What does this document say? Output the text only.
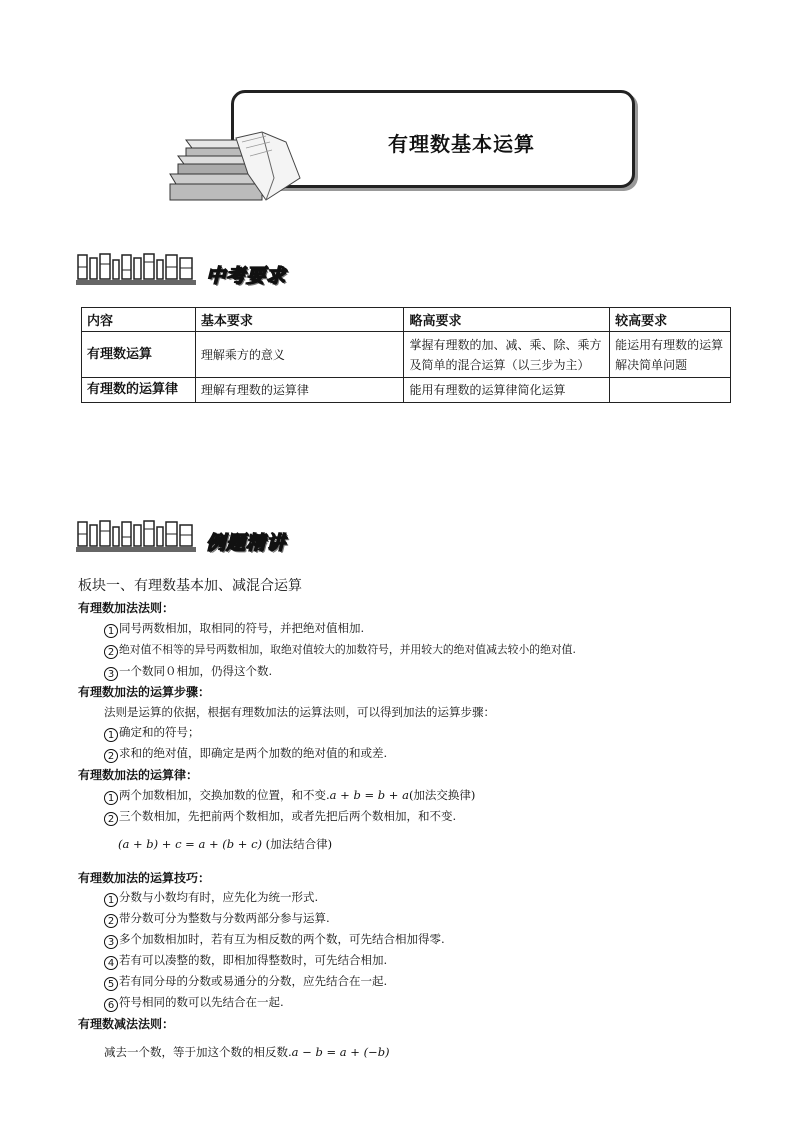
有理数基本运算
中考要求
内容	基本要求	略高要求	较高要求
有理数运算	理解乘方的意义	掌握有理数的加、减、乘、除、乘方及简单的混合运算（以三步为主）	能运用有理数的运算解决简单问题
有理数的运算律	理解有理数的运算律	能用有理数的运算律简化运算	
例题精讲
板块一、有理数基本加、减混合运算
有理数加法法则：
1 同号两数相加，取相同的符号，并把绝对值相加.
2 绝对值不相等的异号两数相加，取绝对值较大的加数符号，并用较大的绝对值减去较小的绝对值.
3 一个数同０相加，仍得这个数.
有理数加法的运算步骤：
法则是运算的依据，根据有理数加法的运算法则，可以得到加法的运算步骤：
1 确定和的符号；
2 求和的绝对值，即确定是两个加数的绝对值的和或差.
有理数加法的运算律：
1 两个加数相加，交换加数的位置，和不变.a + b = b + a(加法交换律)
2 三个数相加，先把前两个数相加，或者先把后两个数相加，和不变.
(a + b) + c = a + (b + c) (加法结合律)
有理数加法的运算技巧：
1 分数与小数均有时，应先化为统一形式.
2 带分数可分为整数与分数两部分参与运算.
3 多个加数相加时，若有互为相反数的两个数，可先结合相加得零.
4 若有可以凑整的数，即相加得整数时，可先结合相加.
5 若有同分母的分数或易通分的分数，应先结合在一起.
6 符号相同的数可以先结合在一起.
有理数减法法则：
减去一个数，等于加这个数的相反数.a − b = a + (−b)
